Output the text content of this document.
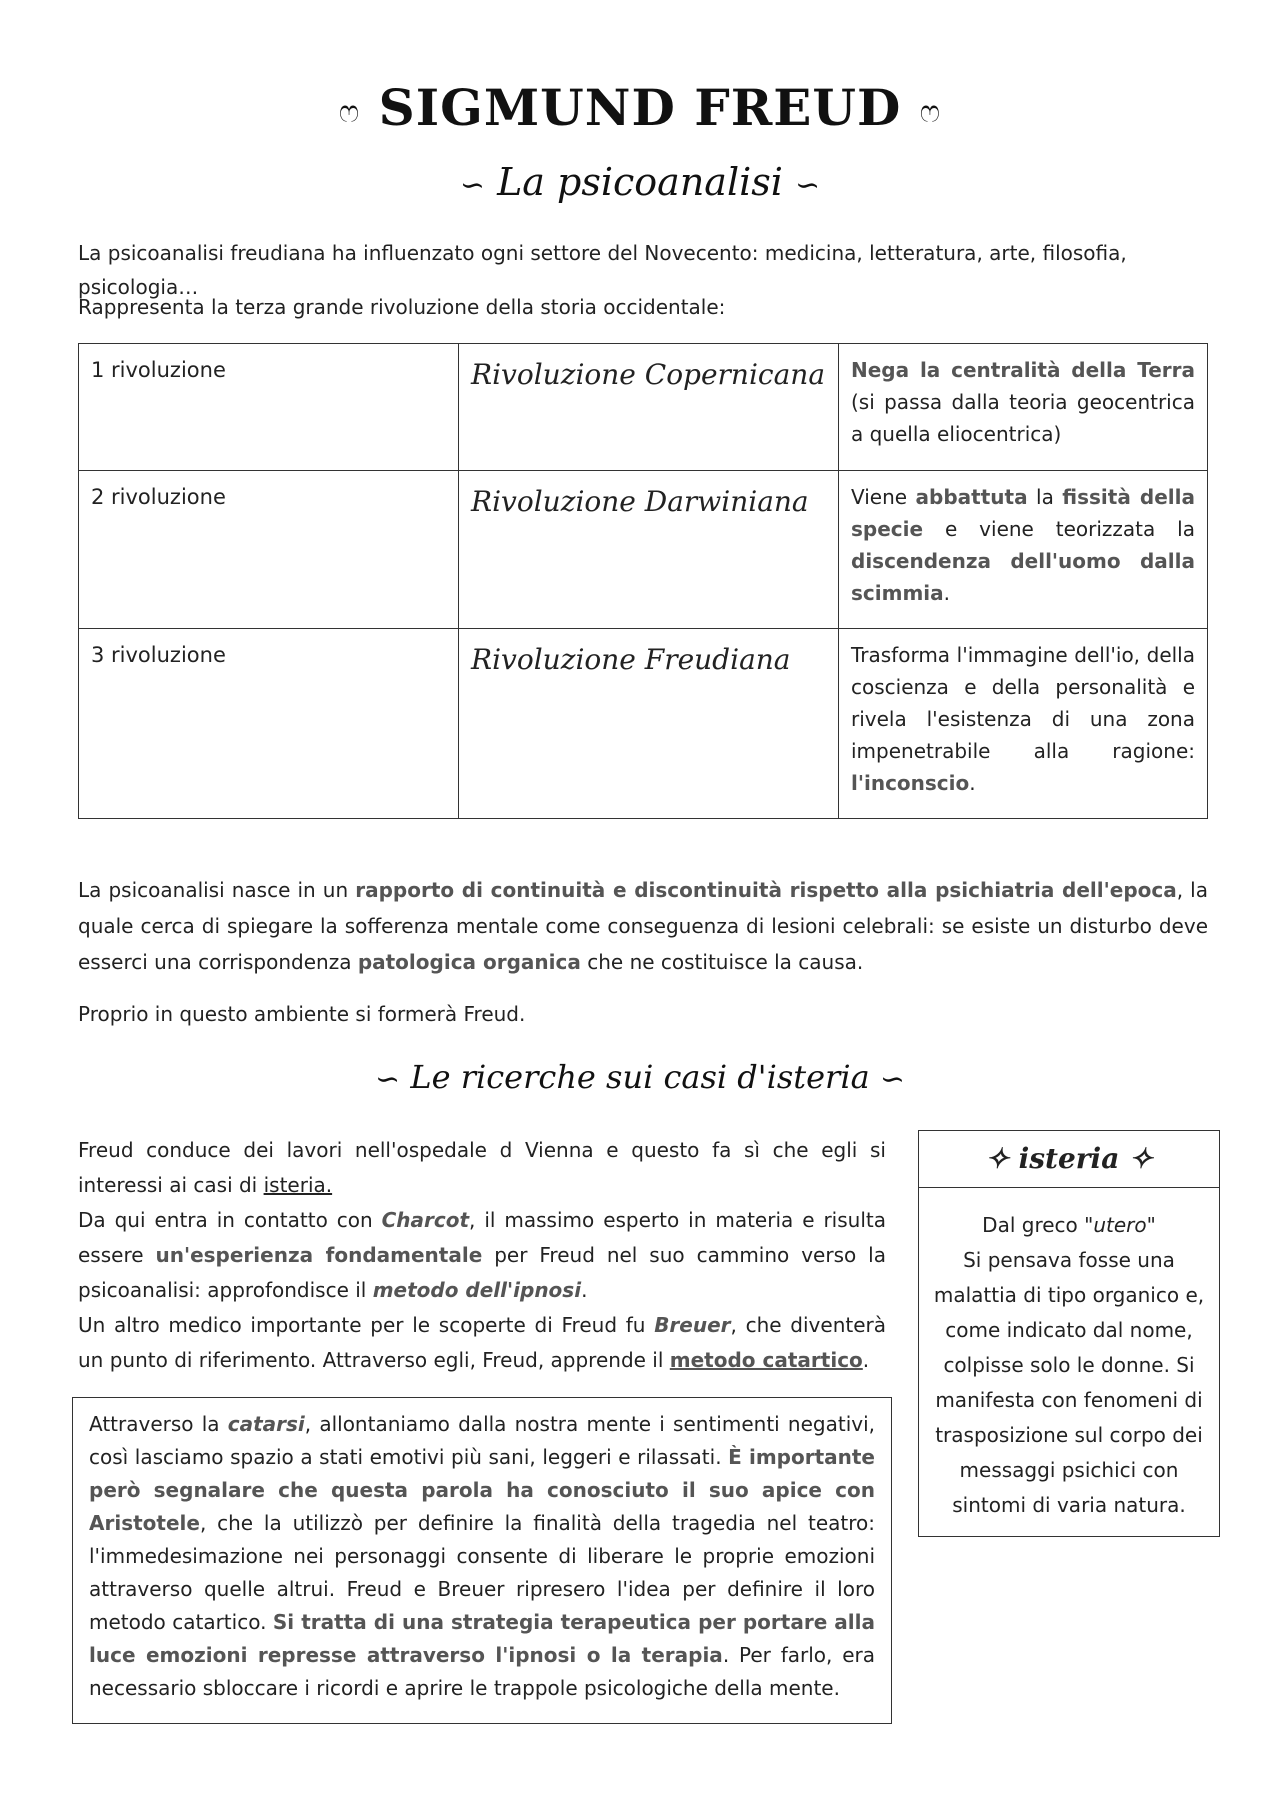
ෆ SIGMUND FREUD ෆ
∽ La psicoanalisi ∽
La psicoanalisi freudiana ha influenzato ogni settore del Novecento: medicina, letteratura, arte, filosofia, psicologia…
Rappresenta la terza grande rivoluzione della storia occidentale:
1 rivoluzione	Rivoluzione Copernicana	Nega la centralità della Terra (si passa dalla teoria geocentrica a quella eliocentrica)
2 rivoluzione	Rivoluzione Darwiniana	Viene abbattuta la fissità della specie e viene teorizzata la discendenza dell'uomo dalla scimmia.
3 rivoluzione	Rivoluzione Freudiana	Trasforma l'immagine dell'io, della coscienza e della personalità e rivela l'esistenza di una zona impenetrabile alla ragione: l'inconscio.
La psicoanalisi nasce in un rapporto di continuità e discontinuità rispetto alla psichiatria dell'epoca, la quale cerca di spiegare la sofferenza mentale come conseguenza di lesioni celebrali: se esiste un disturbo deve esserci una corrispondenza patologica organica che ne costituisce la causa.
Proprio in questo ambiente si formerà Freud.
∽ Le ricerche sui casi d'isteria ∽
Freud conduce dei lavori nell'ospedale d Vienna e questo fa sì che egli si interessi ai casi di isteria.
Da qui entra in contatto con Charcot, il massimo esperto in materia e risulta essere un'esperienza fondamentale per Freud nel suo cammino verso la psicoanalisi: approfondisce il metodo dell'ipnosi.
Un altro medico importante per le scoperte di Freud fu Breuer, che diventerà un punto di riferimento. Attraverso egli, Freud, apprende il metodo catartico.
✧ isteria ✧
Dal greco "utero"
Si pensava fosse una malattia di tipo organico e, come indicato dal nome, colpisse solo le donne. Si manifesta con fenomeni di trasposizione sul corpo dei messaggi psichici con sintomi di varia natura.
Attraverso la catarsi, allontaniamo dalla nostra mente i sentimenti negativi, così lasciamo spazio a stati emotivi più sani, leggeri e rilassati. È importante però segnalare che questa parola ha conosciuto il suo apice con Aristotele, che la utilizzò per definire la finalità della tragedia nel teatro: l'immedesimazione nei personaggi consente di liberare le proprie emozioni attraverso quelle altrui. Freud e Breuer ripresero l'idea per definire il loro metodo catartico. Si tratta di una strategia terapeutica per portare alla luce emozioni represse attraverso l'ipnosi o la terapia. Per farlo, era necessario sbloccare i ricordi e aprire le trappole psicologiche della mente.
